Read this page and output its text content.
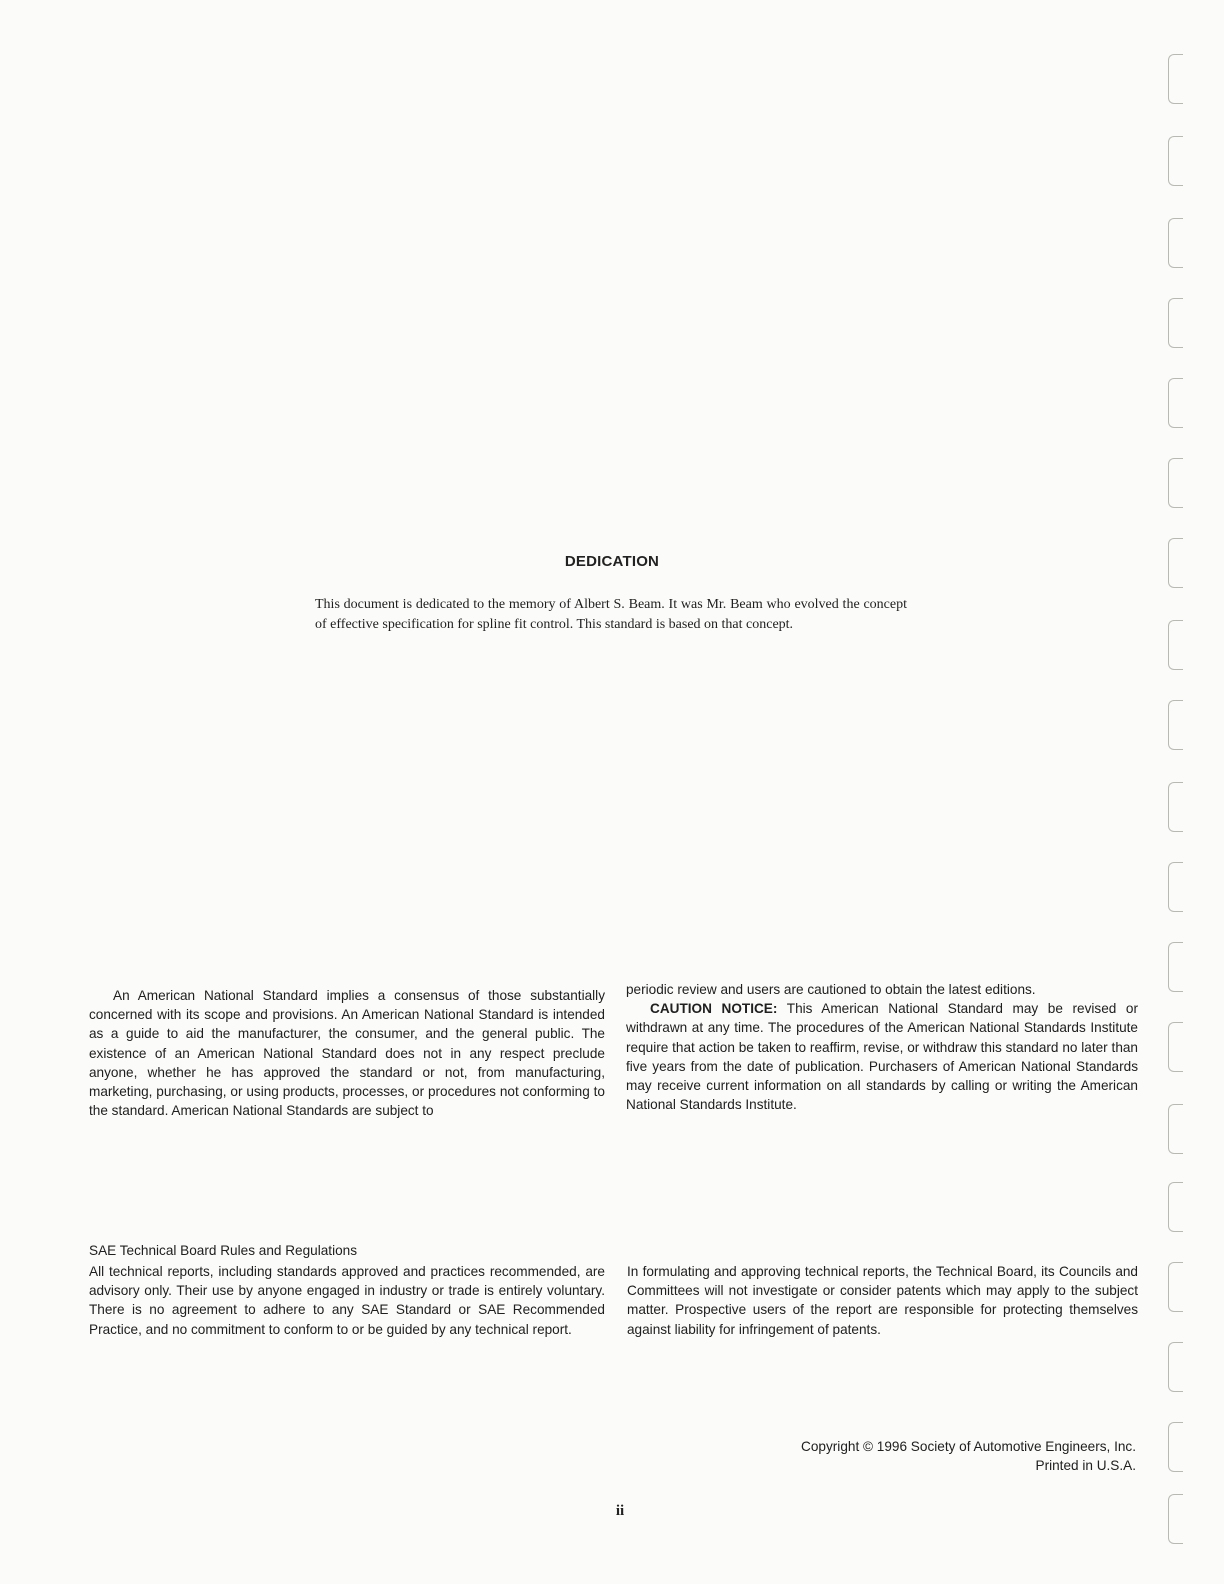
DEDICATION
This document is dedicated to the memory of Albert S. Beam. It was Mr. Beam who evolved the concept of effective specification for spline fit control. This standard is based on that concept.

An American National Standard implies a consensus of those substantially concerned with its scope and provisions. An American National Standard is intended as a guide to aid the manufacturer, the consumer, and the general public. The existence of an American National Standard does not in any respect preclude anyone, whether he has approved the standard or not, from manufacturing, marketing, purchasing, or using products, processes, or procedures not conforming to the standard. American National Standards are subject to

periodic review and users are cautioned to obtain the latest editions.

CAUTION NOTICE: This American National Standard may be revised or withdrawn at any time. The procedures of the American National Standards Institute require that action be taken to reaffirm, revise, or withdraw this standard no later than five years from the date of publication. Purchasers of American National Standards may receive current information on all standards by calling or writing the American National Standards Institute.

SAE Technical Board Rules and Regulations

All technical reports, including standards approved and practices recommended, are advisory only. Their use by anyone engaged in industry or trade is entirely voluntary. There is no agreement to adhere to any SAE Standard or SAE Recommended Practice, and no commitment to conform to or be guided by any technical report.

In formulating and approving technical reports, the Technical Board, its Councils and Committees will not investigate or consider patents which may apply to the subject matter. Prospective users of the report are responsible for protecting themselves against liability for infringement of patents.

Copyright © 1996 Society of Automotive Engineers, Inc.
Printed in U.S.A.
ii
